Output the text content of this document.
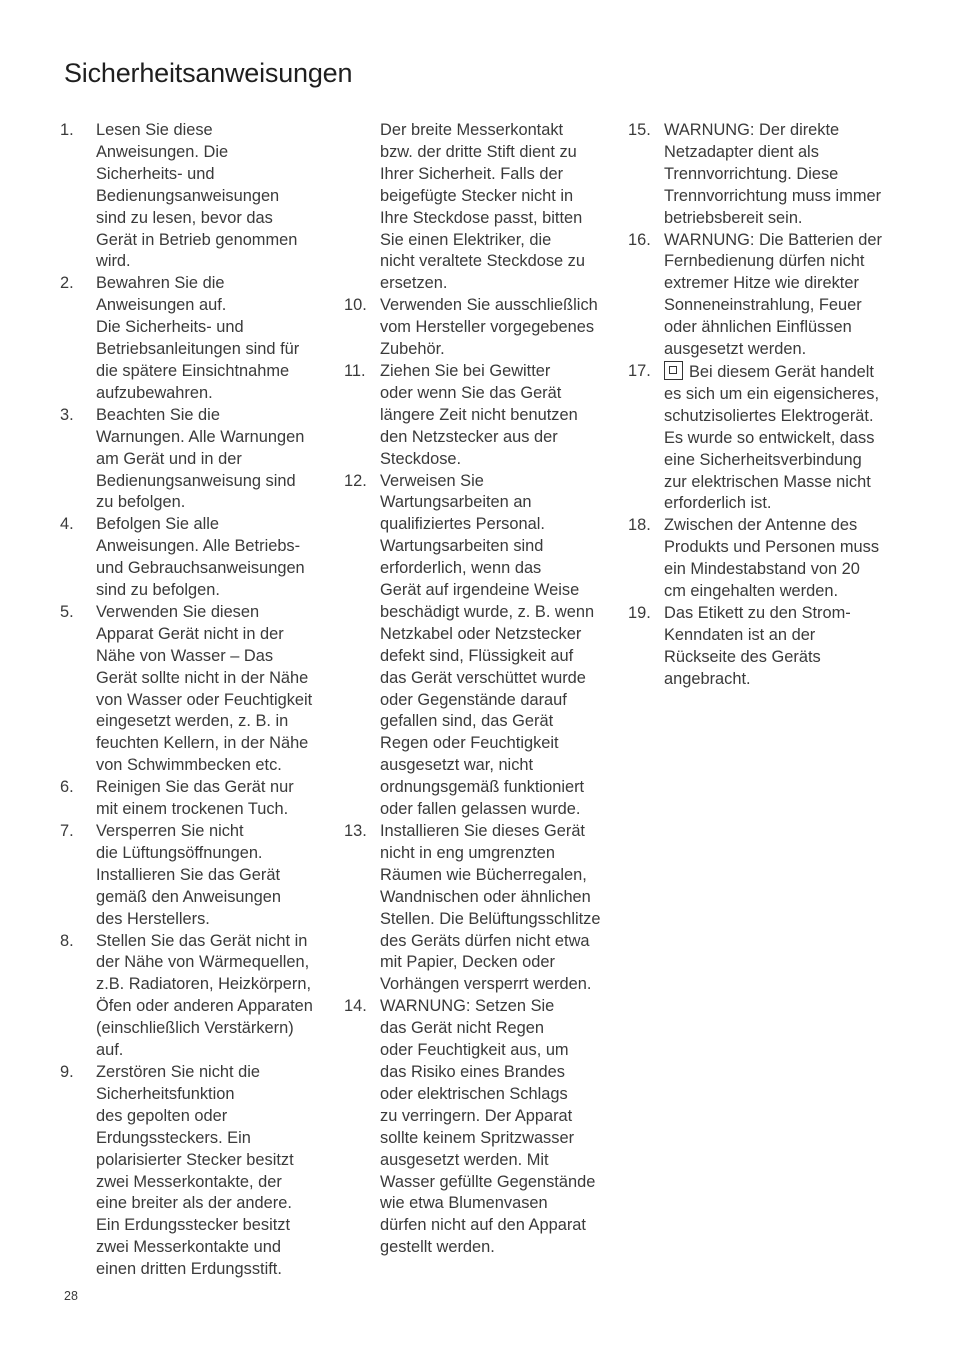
Sicherheitsanweisungen
1.	Lesen Sie diese
Anweisungen. Die
Sicherheits- und
Bedienungsanweisungen
sind zu lesen, bevor das
Gerät in Betrieb genommen
wird.
2.	Bewahren Sie die
Anweisungen auf.
Die Sicherheits- und
Betriebsanleitungen sind für
die spätere Einsichtnahme
aufzubewahren.
3.	Beachten Sie die
Warnungen. Alle Warnungen
am Gerät und in der
Bedienungsanweisung sind
zu befolgen.
4.	Befolgen Sie alle
Anweisungen. Alle Betriebs-
und Gebrauchsanweisungen
sind zu befolgen.
5.	Verwenden Sie diesen
Apparat Gerät nicht in der
Nähe von Wasser – Das
Gerät sollte nicht in der Nähe
von Wasser oder Feuchtigkeit
eingesetzt werden, z. B. in
feuchten Kellern, in der Nähe
von Schwimmbecken etc.
6.	Reinigen Sie das Gerät nur
mit einem trockenen Tuch.
7.	Versperren Sie nicht
die Lüftungsöffnungen.
Installieren Sie das Gerät
gemäß den Anweisungen
des Herstellers.
8.	Stellen Sie das Gerät nicht in
der Nähe von Wärmequellen,
z.B. Radiatoren, Heizkörpern,
Öfen oder anderen Apparaten
(einschließlich Verstärkern)
auf.
9.	Zerstören Sie nicht die
Sicherheitsfunktion
des gepolten oder
Erdungssteckers. Ein
polarisierter Stecker besitzt
zwei Messerkontakte, der
eine breiter als der andere.
Ein Erdungsstecker besitzt
zwei Messerkontakte und
einen dritten Erdungsstift.
Der breite Messerkontakt
bzw. der dritte Stift dient zu
Ihrer Sicherheit. Falls der
beigefügte Stecker nicht in
Ihre Steckdose passt, bitten
Sie einen Elektriker, die
nicht veraltete Steckdose zu
ersetzen.
10. Verwenden Sie ausschließlich
vom Hersteller vorgegebenes
Zubehör.
11. Ziehen Sie bei Gewitter
oder wenn Sie das Gerät
längere Zeit nicht benutzen
den Netzstecker aus der
Steckdose.
12. Verweisen Sie
Wartungsarbeiten an
qualifiziertes Personal.
Wartungsarbeiten sind
erforderlich, wenn das
Gerät auf irgendeine Weise
beschädigt wurde, z. B. wenn
Netzkabel oder Netzstecker
defekt sind, Flüssigkeit auf
das Gerät verschüttet wurde
oder Gegenstände darauf
gefallen sind, das Gerät
Regen oder Feuchtigkeit
ausgesetzt war, nicht
ordnungsgemäß funktioniert
oder fallen gelassen wurde.
13. Installieren Sie dieses Gerät
nicht in eng umgrenzten
Räumen wie Bücherregalen,
Wandnischen oder ähnlichen
Stellen. Die Belüftungsschlitze
des Geräts dürfen nicht etwa
mit Papier, Decken oder
Vorhängen versperrt werden.
14. WARNUNG: Setzen Sie
das Gerät nicht Regen
oder Feuchtigkeit aus, um
das Risiko eines Brandes
oder elektrischen Schlags
zu verringern. Der Apparat
sollte keinem Spritzwasser
ausgesetzt werden. Mit
Wasser gefüllte Gegenstände
wie etwa Blumenvasen
dürfen nicht auf den Apparat
gestellt werden.
15. WARNUNG: Der direkte
Netzadapter dient als
Trennvorrichtung. Diese
Trennvorrichtung muss immer
betriebsbereit sein.
16. WARNUNG: Die Batterien der
Fernbedienung dürfen nicht
extremer Hitze wie direkter
Sonneneinstrahlung, Feuer
oder ähnlichen Einflüssen
ausgesetzt werden.
17.	Bei diesem Gerät handelt
es sich um ein eigensicheres,
schutzisoliertes Elektrogerät.
Es wurde so entwickelt, dass
eine Sicherheitsverbindung
zur elektrischen Masse nicht
erforderlich ist.
18. Zwischen der Antenne des
Produkts und Personen muss
ein Mindestabstand von 20
cm eingehalten werden.
19. Das Etikett zu den Strom-
Kenndaten ist an der
Rückseite des Geräts
angebracht.
28
